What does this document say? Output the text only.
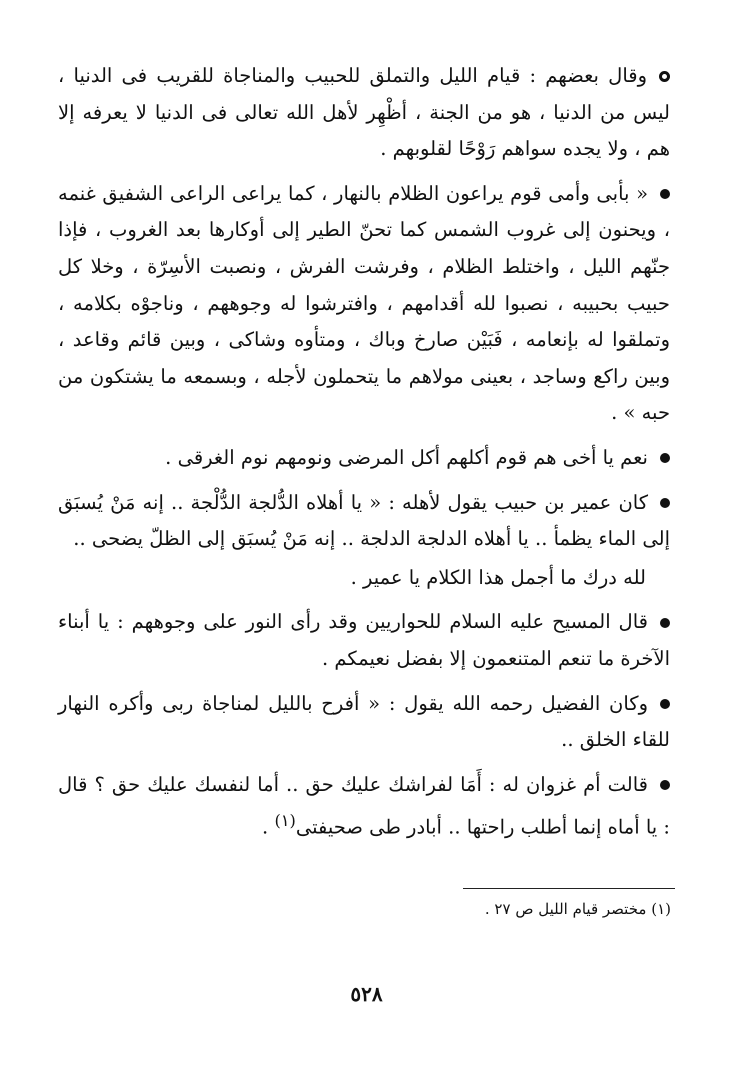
وقال بعضهم : قيام الليل والتملق للحبيب والمناجاة للقريب فى الدنيا ، ليس من الدنيا ، هو من الجنة ، أظْهِر لأهل الله تعالى فى الدنيا لا يعرفه إلا هم ، ولا يجده سواهم رَوْحًا لقلوبهم .

« بأبى وأمى قوم يراعون الظلام بالنهار ، كما يراعى الراعى الشفيق غنمه ، ويحنون إلى غروب الشمس كما تحنّ الطير إلى أوكارها بعد الغروب ، فإذا جنّهم الليل ، واختلط الظلام ، وفرشت الفرش ، ونصبت الأسِرّة ، وخلا كل حبيب بحبيبه ، نصبوا لله أقدامهم ، وافترشوا له وجوههم ، وناجوْه بكلامه ، وتملقوا له بإنعامه ، فَبَيْن صارخ وباك ، ومتأوه وشاكى ، وبين قائم وقاعد ، وبين راكع وساجد ، بعينى مولاهم ما يتحملون لأجله ، وبسمعه ما يشتكون من حبه » .

نعم يا أخى هم قوم أكلهم أكل المرضى ونومهم نوم الغرقى .

كان عمير بن حبيب يقول لأهله : « يا أهلاه الدُّلجة الدُّلْجة .. إنه مَنْ يُسبَق إلى الماء يظمأ .. يا أهلاه الدلجة الدلجة .. إنه مَنْ يُسبَق إلى الظلّ يضحى ..

لله درك ما أجمل هذا الكلام يا عمير .

قال المسيح عليه السلام للحواريين وقد رأى النور على وجوههم : يا أبناء الآخرة ما تنعم المتنعمون إلا بفضل نعيمكم .

وكان الفضيل رحمه الله يقول : « أفرح بالليل لمناجاة ربى وأكره النهار للقاء الخلق ..

قالت أم غزوان له : أَمَا لفراشك عليك حق .. أما لنفسك عليك حق ؟ قال : يا أماه إنما أطلب راحتها .. أبادر طى صحيفتى$^{(١)}$ .

(١) مختصر قيام الليل ص ٢٧ .
٥٢٨
